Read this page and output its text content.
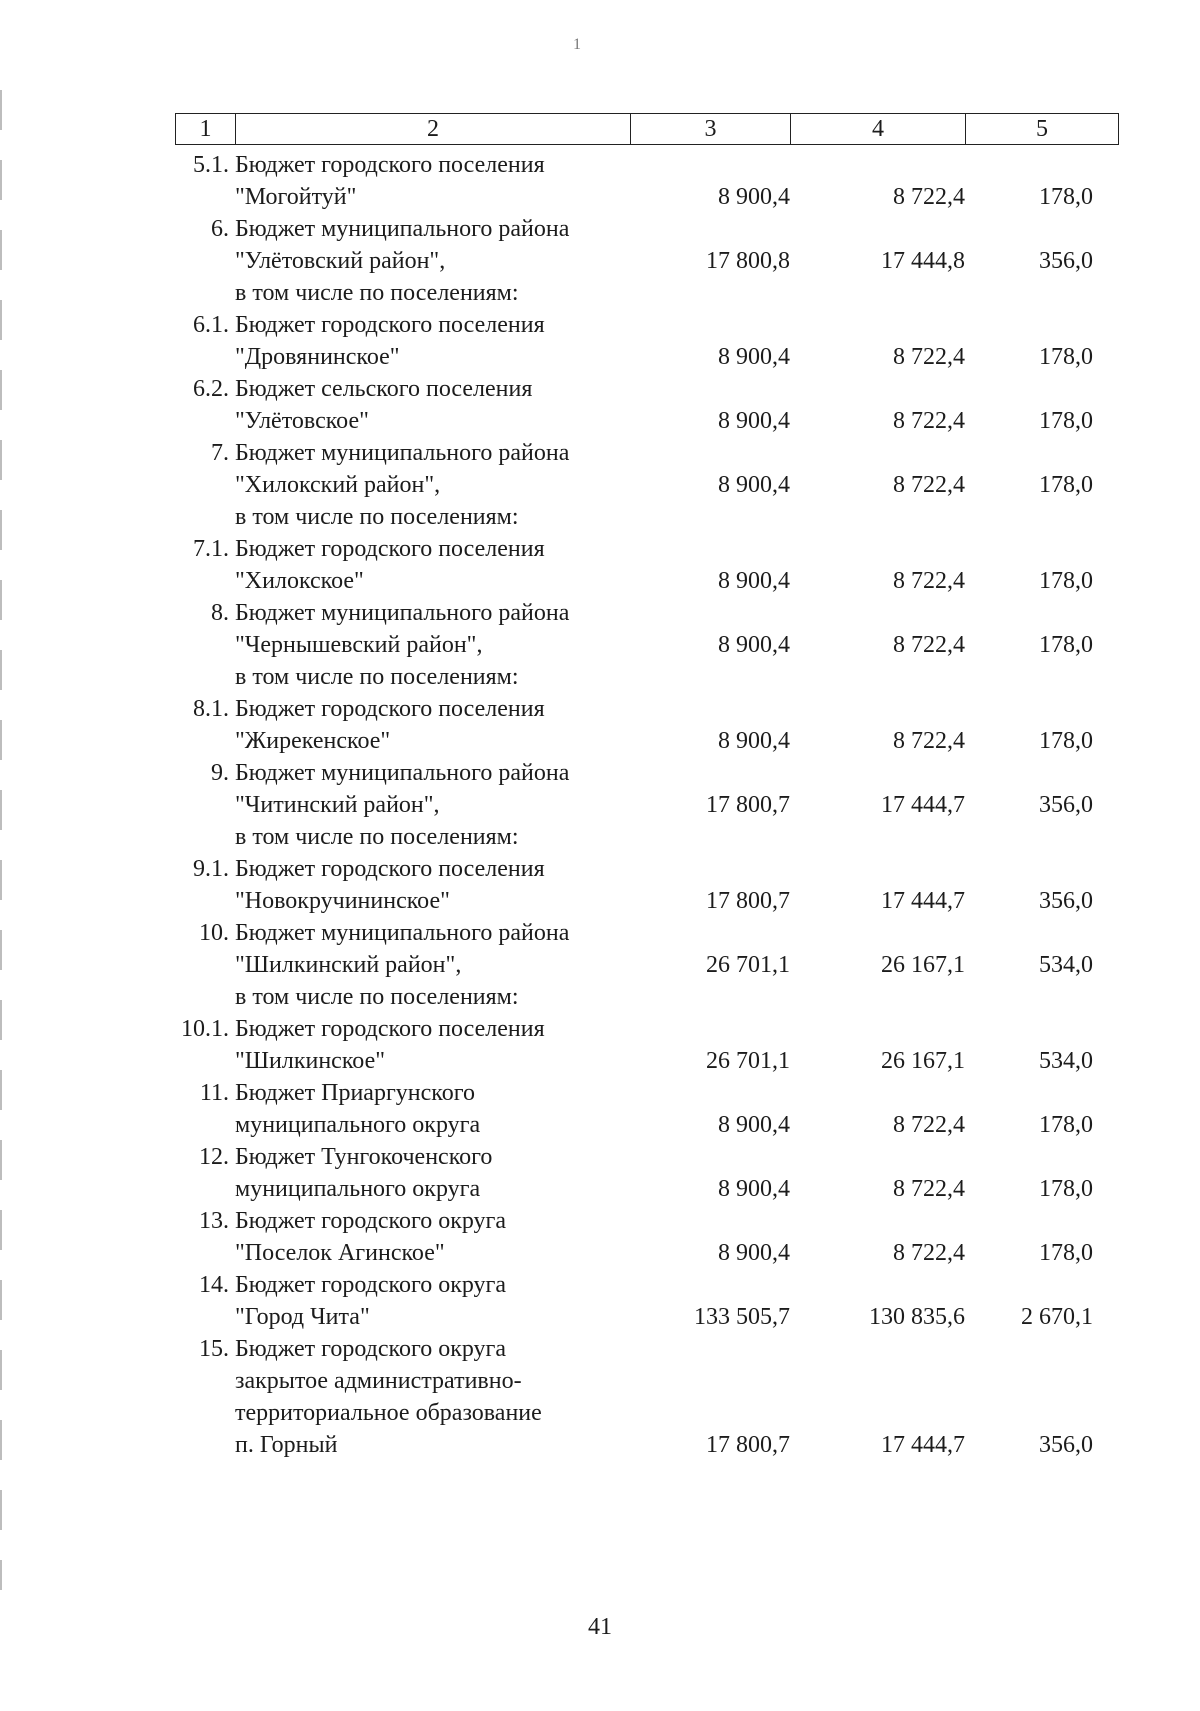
1
1	2	3	4	5
5.1. Бюджет городского поселения
"Могойтуй"	8 900,4	8 722,4	178,0
6. Бюджет муниципального района
"Улётовский район",
в том числе по поселениям:
17 800,8	17 444,8	356,0
6.1. Бюджет городского поселения
"Дровянинское"	8 900,4	8 722,4	178,0
6.2. Бюджет сельского поселения
"Улётовское"	8 900,4	8 722,4	178,0
7. Бюджет муниципального района
"Хилокский район",
в том числе по поселениям:
8 900,4	8 722,4	178,0
7.1. Бюджет городского поселения
"Хилокское"	8 900,4	8 722,4	178,0
8. Бюджет муниципального района
"Чернышевский район",
в том числе по поселениям:
8 900,4	8 722,4	178,0
8.1. Бюджет городского поселения
"Жирекенское"	8 900,4	8 722,4	178,0
9. Бюджет муниципального района
"Читинский район",
в том числе по поселениям:
17 800,7	17 444,7	356,0
9.1. Бюджет городского поселения
"Новокручининское"	17 800,7	17 444,7	356,0
10. Бюджет муниципального района
"Шилкинский район",
в том числе по поселениям:
26 701,1	26 167,1	534,0
10.1. Бюджет городского поселения
"Шилкинское"	26 701,1	26 167,1	534,0
11. Бюджет Приаргунского
муниципального округа	8 900,4	8 722,4	178,0
12. Бюджет Тунгокоченского
муниципального округа	8 900,4	8 722,4	178,0
13. Бюджет городского округа
"Поселок Агинское"	8 900,4	8 722,4	178,0
14. Бюджет городского округа
"Город Чита"	133 505,7	130 835,6	2 670,1
15. Бюджет городского округа
закрытое административно-
территориальное образование
п. Горный	17 800,7	17 444,7	356,0
41
